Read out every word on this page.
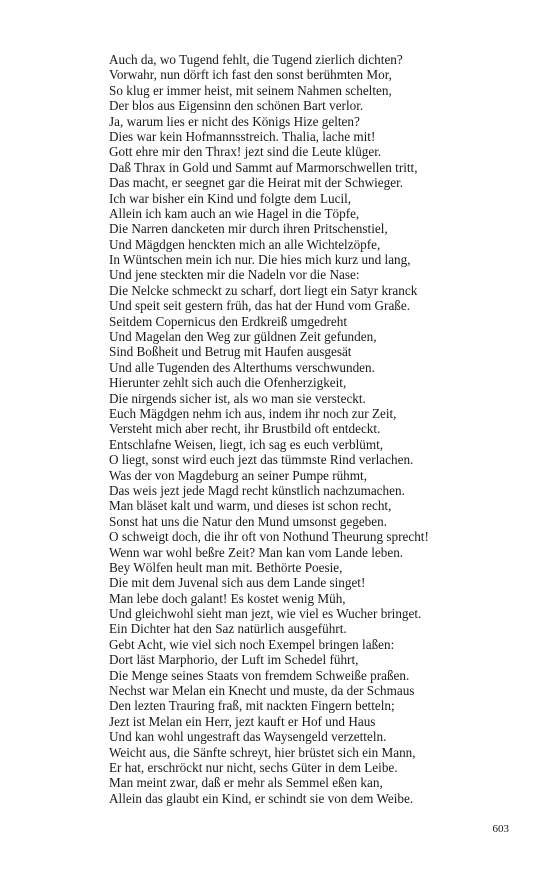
Auch da, wo Tugend fehlt, die Tugend zierlich dichten?
Vorwahr, nun dörft ich fast den sonst berühmten Mor,
So klug er immer heist, mit seinem Nahmen schelten,
Der blos aus Eigensinn den schönen Bart verlor.
Ja, warum lies er nicht des Königs Hize gelten?
Dies war kein Hofmannsstreich. Thalia, lache mit!
Gott ehre mir den Thrax! jezt sind die Leute klüger.
Daß Thrax in Gold und Sammt auf Marmorschwellen tritt,
Das macht, er seegnet gar die Heirat mit der Schwieger.
Ich war bisher ein Kind und folgte dem Lucil,
Allein ich kam auch an wie Hagel in die Töpfe,
Die Narren dancketen mir durch ihren Pritschenstiel,
Und Mägdgen henckten mich an alle Wichtelzöpfe,
In Wüntschen mein ich nur. Die hies mich kurz und lang,
Und jene steckten mir die Nadeln vor die Nase:
Die Nelcke schmeckt zu scharf, dort liegt ein Satyr kranck
Und speit seit gestern früh, das hat der Hund vom Graße.
Seitdem Copernicus den Erdkreiß umgedreht
Und Magelan den Weg zur güldnen Zeit gefunden,
Sind Boßheit und Betrug mit Haufen ausgesät
Und alle Tugenden des Alterthums verschwunden.
Hierunter zehlt sich auch die Ofenherzigkeit,
Die nirgends sicher ist, als wo man sie versteckt.
Euch Mägdgen nehm ich aus, indem ihr noch zur Zeit,
Versteht mich aber recht, ihr Brustbild oft entdeckt.
Entschlafne Weisen, liegt, ich sag es euch verblümt,
O liegt, sonst wird euch jezt das tümmste Rind verlachen.
Was der von Magdeburg an seiner Pumpe rühmt,
Das weis jezt jede Magd recht künstlich nachzumachen.
Man bläset kalt und warm, und dieses ist schon recht,
Sonst hat uns die Natur den Mund umsonst gegeben.
O schweigt doch, die ihr oft von Nothund Theurung sprecht!
Wenn war wohl beßre Zeit? Man kan vom Lande leben.
Bey Wölfen heult man mit. Bethörte Poesie,
Die mit dem Juvenal sich aus dem Lande singet!
Man lebe doch galant! Es kostet wenig Müh,
Und gleichwohl sieht man jezt, wie viel es Wucher bringet.
Ein Dichter hat den Saz natürlich ausgeführt.
Gebt Acht, wie viel sich noch Exempel bringen laßen:
Dort läst Marphorio, der Luft im Schedel führt,
Die Menge seines Staats von fremdem Schweiße praßen.
Nechst war Melan ein Knecht und muste, da der Schmaus
Den lezten Trauring fraß, mit nackten Fingern betteln;
Jezt ist Melan ein Herr, jezt kauft er Hof und Haus
Und kan wohl ungestraft das Waysengeld verzetteln.
Weicht aus, die Sänfte schreyt, hier brüstet sich ein Mann,
Er hat, erschröckt nur nicht, sechs Güter in dem Leibe.
Man meint zwar, daß er mehr als Semmel eßen kan,
Allein das glaubt ein Kind, er schindt sie von dem Weibe.
603
